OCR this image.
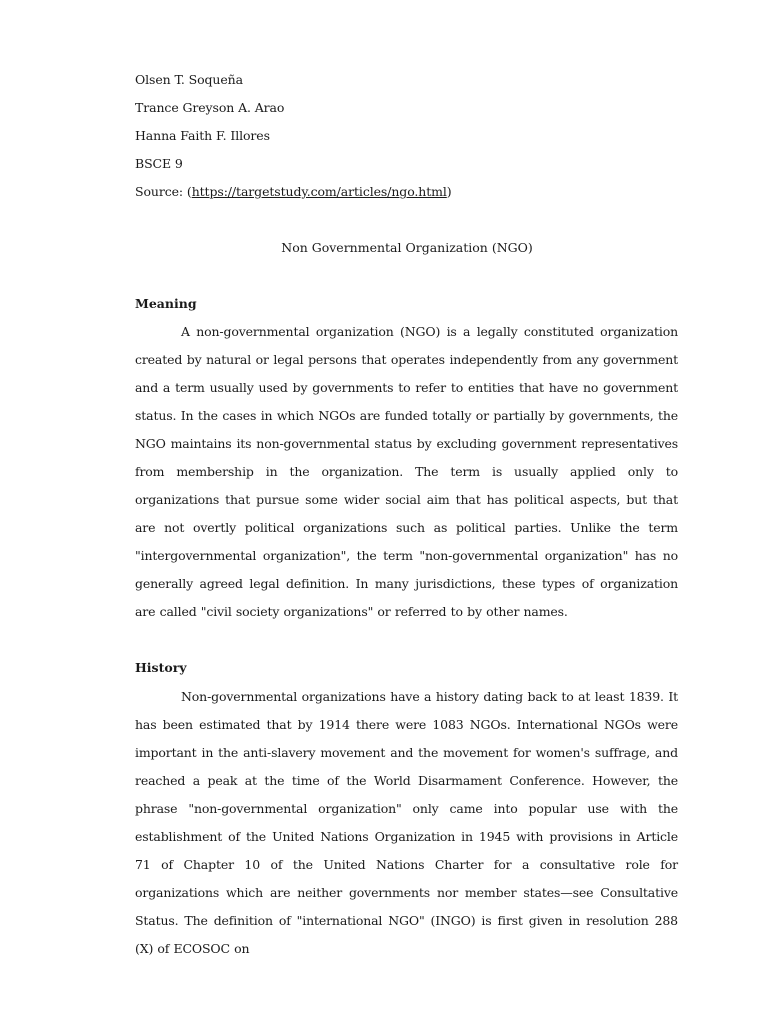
Olsen T. Soqueña
Trance Greyson A. Arao
Hanna Faith F. Illores
BSCE 9
Source: (https://targetstudy.com/articles/ngo.html)
Non Governmental Organization (NGO)
Meaning

A non-governmental organization (NGO) is a legally constituted organization created by natural or legal persons that operates independently from any government and a term usually used by governments to refer to entities that have no government status. In the cases in which NGOs are funded totally or partially by governments, the NGO maintains its non-governmental status by excluding government representatives from membership in the organization. The term is usually applied only to organizations that pursue some wider social aim that has political aspects, but that are not overtly political organizations such as political parties. Unlike the term "intergovernmental organization", the term "non-governmental organization" has no generally agreed legal definition. In many jurisdictions, these types of organization are called "civil society organizations" or referred to by other names.

History

Non-governmental organizations have a history dating back to at least 1839. It has been estimated that by 1914 there were 1083 NGOs. International NGOs were important in the anti-slavery movement and the movement for women's suffrage, and reached a peak at the time of the World Disarmament Conference. However, the phrase "non-governmental organization" only came into popular use with the establishment of the United Nations Organization in 1945 with provisions in Article 71 of Chapter 10 of the United Nations Charter for a consultative role for organizations which are neither governments nor member states—see Consultative Status. The definition of "international NGO" (INGO) is first given in resolution 288 (X) of ECOSOC on
